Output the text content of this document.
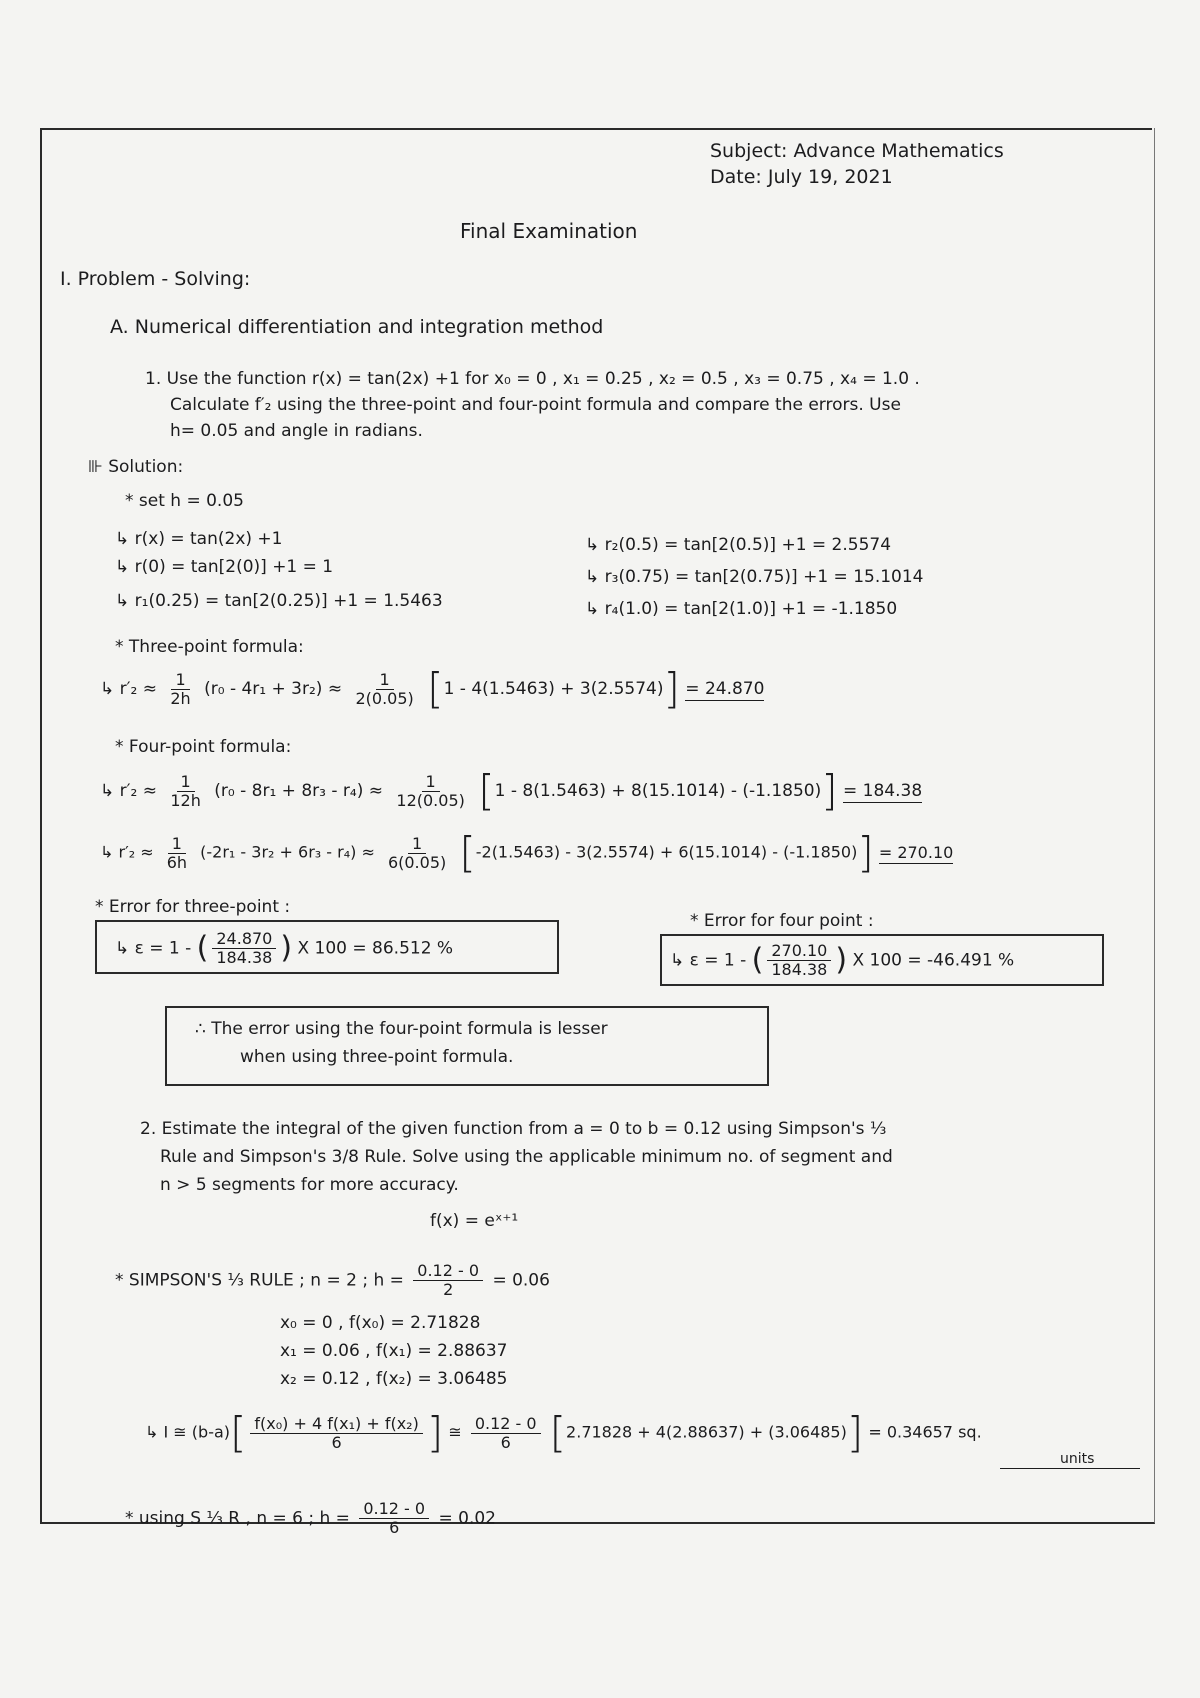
Subject: Advance Mathematics
Date: July 19, 2021
Final Examination
I. Problem - Solving:
A. Numerical differentiation and integration method
1. Use the function r(x) = tan(2x) +1 for x₀ = 0 , x₁ = 0.25 , x₂ = 0.5 , x₃ = 0.75 , x₄ = 1.0 .
Calculate f′₂ using the three-point and four-point formula and compare the errors. Use
h= 0.05 and angle in radians.
⊪ Solution:
* set h = 0.05
↳ r(x) = tan(2x) +1
↳ r(0) = tan[2(0)] +1 = 1
↳ r₁(0.25) = tan[2(0.25)] +1 = 1.5463
↳ r₂(0.5) = tan[2(0.5)] +1 = 2.5574
↳ r₃(0.75) = tan[2(0.75)] +1 = 15.1014
↳ r₄(1.0) = tan[2(1.0)] +1 = -1.1850
* Three-point formula:
↳ $r'_2 \approx \frac{1}{2h} (r_0 - 4r_1 + 3r_2) \approx \frac{1}{2(0.05)} [1 - 4(1.5463) + 3(2.5574)] = 24.870$
* Four-point formula:
↳ $r'_2 \approx \frac{1}{12h} (r_0 - 8r_1 + 8r_3 - r_4) \approx \frac{1}{12(0.05)} [1 - 8(1.5463) + 8(15.1014) - (-1.1850)] = 184.38$
↳ $r'_2 \approx \frac{1}{6h} (-2r_1 - 3r_2 + 6r_3 - r_4) \approx \frac{1}{6(0.05)} [-2(1.5463) - 3(2.5574) + 6(15.1014) - (-1.1850)] = 270.10$
* Error for three-point :
↳ ε = 1 - ( $\frac{24.870}{184.38}$ ) X 100 = 86.512 %
* Error for four point :
↳ ε = 1 - ( $\frac{270.10}{184.38}$ ) X 100 = -46.491 %
∴ The error using the four-point formula is lesser
when using three-point formula.
2. Estimate the integral of the given function from a = 0 to b = 0.12 using Simpson's ⅓
Rule and Simpson's 3/8 Rule. Solve using the applicable minimum no. of segment and
n > 5 segments for more accuracy.
f(x) = eˣ⁺¹
* SIMPSON'S ⅓ RULE ; n = 2 ; $h = \frac{0.12 - 0}{2} = 0.06$
x₀ = 0 , f(x₀) = 2.71828
x₁ = 0.06 , f(x₁) = 2.88637
x₂ = 0.12 , f(x₂) = 3.06485
↳ I ≅ $(b-a)[ \frac{\text{f(x₀) + 4 f(x₁) + f(x₂)}}{6}$ ] ≅ $\frac{0.12 - 0}{6} [2.71828 + 4(2.88637) + (3.06485)] = 0.34657$ sq.
units
* using S ⅓ R , n = 6 ; $h = \frac{0.12 - 0}{6} = 0.02$
